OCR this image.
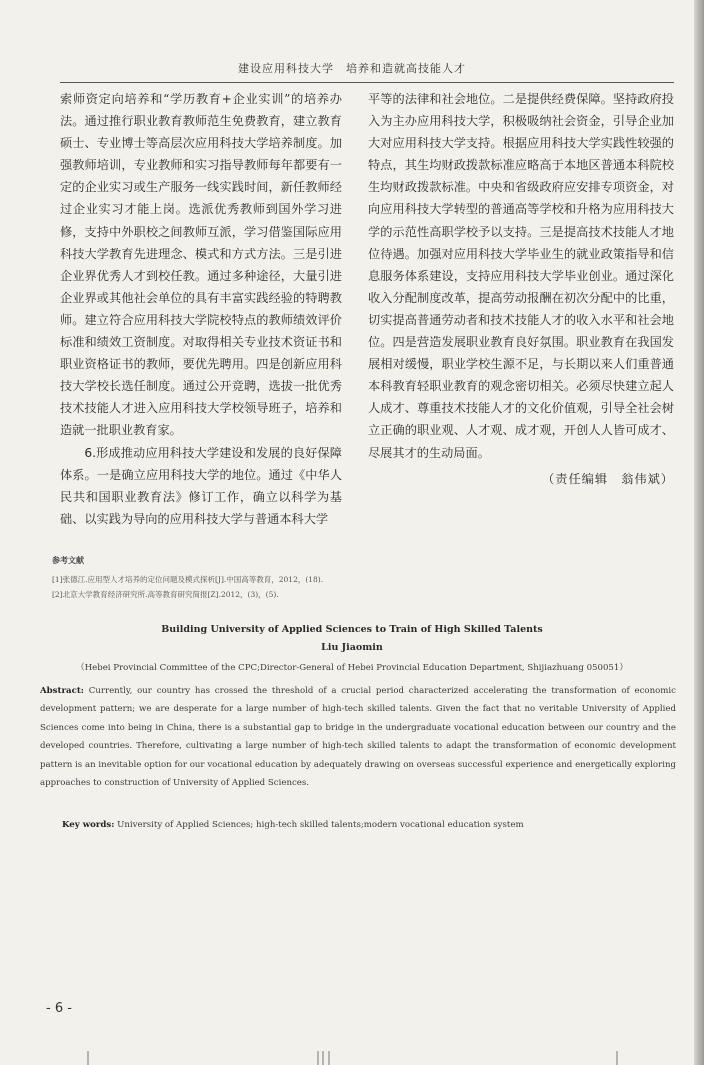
建设应用科技大学　培养和造就高技能人才

索师资定向培养和“学历教育+企业实训”的培养办法。通过推行职业教育教师范生免费教育，建立教育硕士、专业博士等高层次应用科技大学培养制度。加强教师培训，专业教师和实习指导教师每年都要有一定的企业实习或生产服务一线实践时间，新任教师经过企业实习才能上岗。选派优秀教师到国外学习进修，支持中外职校之间教师互派，学习借鉴国际应用科技大学教育先进理念、模式和方式方法。三是引进企业界优秀人才到校任教。通过多种途径，大量引进企业界或其他社会单位的具有丰富实践经验的特聘教师。建立符合应用科技大学院校特点的教师绩效评价标准和绩效工资制度。对取得相关专业技术资证书和职业资格证书的教师，要优先聘用。四是创新应用科技大学校长选任制度。通过公开竞聘，选拔一批优秀技术技能人才进入应用科技大学校领导班子，培养和造就一批职业教育家。

6.形成推动应用科技大学建设和发展的良好保障体系。一是确立应用科技大学的地位。通过《中华人民共和国职业教育法》修订工作，确立以科学为基础、以实践为导向的应用科技大学与普通本科大学

平等的法律和社会地位。二是提供经费保障。坚持政府投入为主办应用科技大学，积极吸纳社会资金，引导企业加大对应用科技大学支持。根据应用科技大学实践性较强的特点，其生均财政拨款标准应略高于本地区普通本科院校生均财政拨款标准。中央和省级政府应安排专项资金，对向应用科技大学转型的普通高等学校和升格为应用科技大学的示范性高职学校予以支持。三是提高技术技能人才地位待遇。加强对应用科技大学毕业生的就业政策指导和信息服务体系建设，支持应用科技大学毕业创业。通过深化收入分配制度改革，提高劳动报酬在初次分配中的比重，切实提高普通劳动者和技术技能人才的收入水平和社会地位。四是营造发展职业教育良好氛围。职业教育在我国发展相对缓慢，职业学校生源不足，与长期以来人们重普通本科教育轻职业教育的观念密切相关。必须尽快建立起人人成才、尊重技术技能人才的文化价值观，引导全社会树立正确的职业观、人才观、成才观，开创人人皆可成才、尽展其才的生动局面。

（责任编辑　翁伟斌）
参考文献
[1]张德江.应用型人才培养的定位问题及模式探析[J].中国高等教育，2012，(18).
[2]北京大学教育经济研究所.高等教育研究简报[Z].2012，(3)，(5).
Building University of Applied Sciences to Train of High Skilled Talents
Liu Jiaomin
（Hebei Provincial Committee of the CPC;Director-General of Hebei Provincial Education Department, Shijiazhuang 050051）
Abstract: Currently, our country has crossed the threshold of a crucial period characterized accelerating the transformation of economic development pattern; we are desperate for a large number of high-tech skilled talents. Given the fact that no veritable University of Applied Sciences come into being in China, there is a substantial gap to bridge in the undergraduate vocational education between our country and the developed countries. Therefore, cultivating a large number of high-tech skilled talents to adapt the transformation of economic development pattern is an inevitable option for our vocational education by adequately drawing on overseas successful experience and energetically exploring approaches to construction of University of Applied Sciences.
Key words: University of Applied Sciences; high-tech skilled talents;modern vocational education system
- 6 -
